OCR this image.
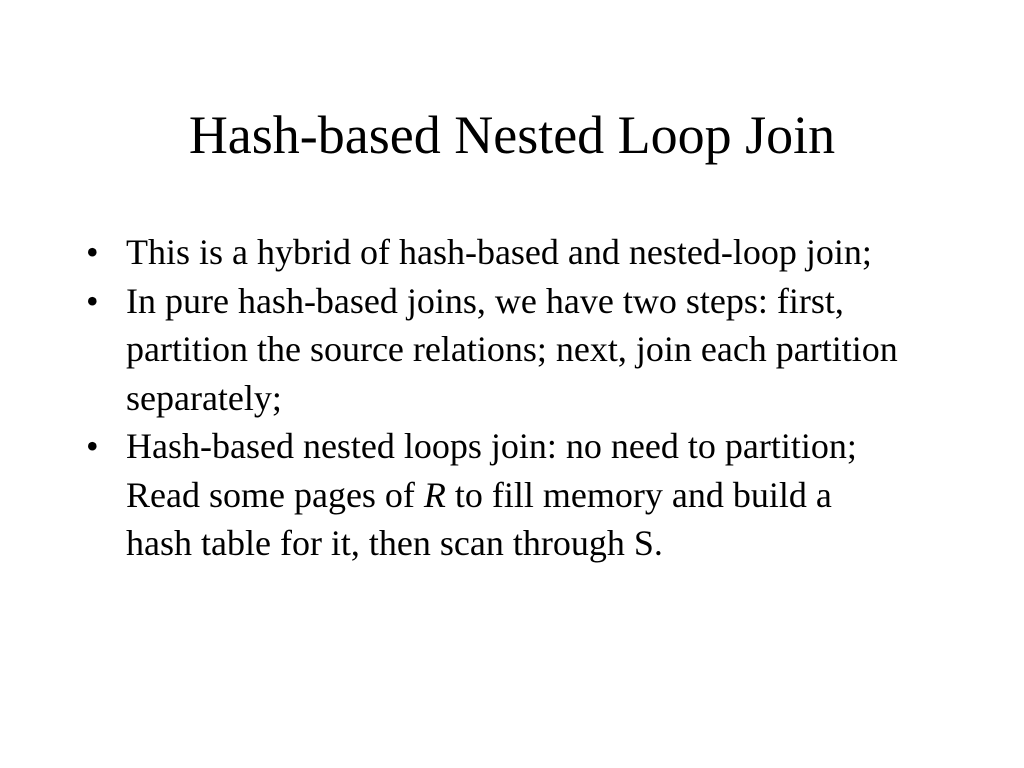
Hash-based Nested Loop Join
• This is a hybrid of hash-based and nested-loop join;
• In pure hash-based joins, we have two steps: first, partition the source relations; next, join each partition separately;
• Hash-based nested loops join: no need to partition; Read some pages of R to fill memory and build a hash table for it, then scan through S.
